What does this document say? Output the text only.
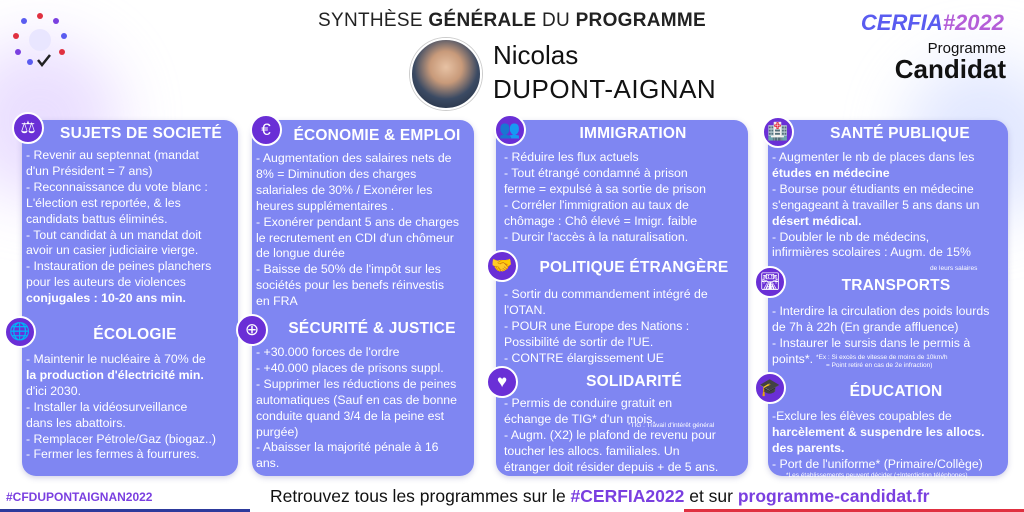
SYNTHÈSE GÉNÉRALE DU PROGRAMME
Nicolas
DUPONT-AIGNAN
CERFIA#2022
Programme
Candidat
⚖	SUJETS DE SOCIETÉ
- Revenir au septennat (mandat
d'un Président = 7 ans)
- Reconnaissance du vote blanc :
L'élection est reportée, & les
candidats battus éliminés.
- Tout candidat à un mandat doit
avoir un casier judiciaire vierge.
- Instauration de peines planchers
pour les auteurs de violences
conjugales : 10-20 ans min.
🌐	ÉCOLOGIE
- Maintenir le nucléaire à 70% de
la production d'électricité min.
d'ici 2030.
- Installer la vidéosurveillance
dans les abattoirs.
- Remplacer Pétrole/Gaz (biogaz..)
- Fermer les fermes à fourrures.
€	ÉCONOMIE & EMPLOI
- Augmentation des salaires nets de
8% = Diminution des charges
salariales de 30% / Exonérer les
heures supplémentaires .
- Exonérer pendant 5 ans de charges
le recrutement en CDI d'un chômeur
de longue durée
- Baisse de 50% de l'impôt sur les
sociétés pour les benefs réinvestis
en FRA
⊕	SÉCURITÉ & JUSTICE
- +30.000 forces de l'ordre
- +40.000 places de prisons suppl.
- Supprimer les réductions de peines
automatiques (Sauf en cas de bonne
conduite quand 3/4 de la peine est
purgée)
- Abaisser la majorité pénale à 16
ans.
👥	IMMIGRATION
- Réduire les flux actuels
- Tout étrangé condamné à prison
ferme = expulsé à sa sortie de prison
- Corréler l'immigration au taux de
chômage : Chô élevé = Imigr. faible
- Durcir l'accès à la naturalisation.
🤝	POLITIQUE ÉTRANGÈRE
- Sortir du commandement intégré de
l'OTAN.
- POUR une Europe des Nations :
Possibilité de sortir de l'UE.
- CONTRE élargissement UE
♥	SOLIDARITÉ
- Permis de conduire gratuit en
échange de TIG* d'un mois.
- Augm. (X2) le plafond de revenu pour
toucher les allocs. familiales. Un
étranger doit résider depuis + de 5 ans.
*TIG : Travail d'intérêt général
🏥	SANTÉ PUBLIQUE
- Augmenter le nb de places dans les
études en médecine
- Bourse pour étudiants en médecine
s'engageant à travailler 5 ans dans un
désert médical.
- Doubler le nb de médecins,
infirmières scolaires : Augm. de 15%
de leurs salaires
🛣	TRANSPORTS
- Interdire la circulation des poids lourds
de 7h à 22h (En grande affluence)
- Instaurer le sursis dans le permis à
points*. *Ex : Si excès de vitesse de moins de 10km/h
= Point retiré en cas de 2e infraction)
🎓	ÉDUCATION
-Exclure les élèves coupables de
harcèlement & suspendre les allocs.
des parents.
- Port de l'uniforme* (Primaire/Collège)
*Les établissements peuvent décider (+Interdiction téléphones)
#CFDUPONTAIGNAN2022	Retrouvez tous les programmes sur le #CERFIA2022 et sur programme-candidat.fr
